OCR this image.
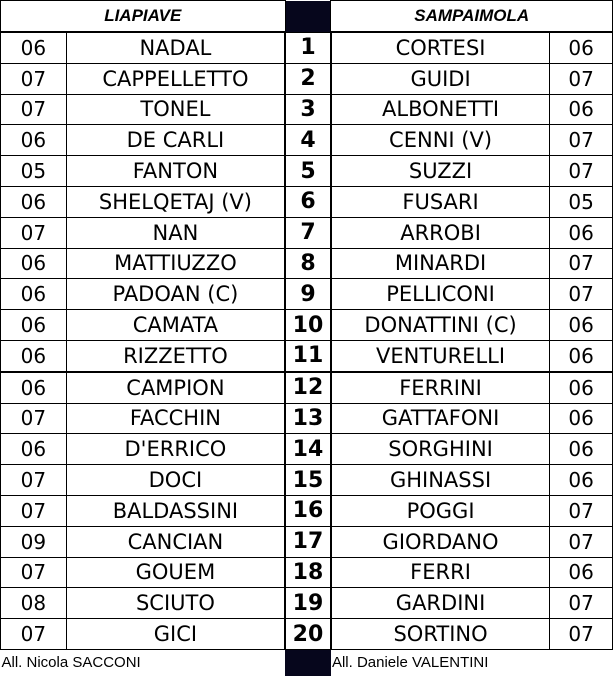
LIAPIAVE			SAMPAIMOLA	
06	NADAL	1	CORTESI	06
07	CAPPELLETTO	2	GUIDI	07
07	TONEL	3	ALBONETTI	06
06	DE CARLI	4	CENNI (V)	07
05	FANTON	5	SUZZI	07
06	SHELQETAJ (V)	6	FUSARI	05
07	NAN	7	ARROBI	06
06	MATTIUZZO	8	MINARDI	07
06	PADOAN (C)	9	PELLICONI	07
06	CAMATA	10	DONATTINI (C)	06
06	RIZZETTO	11	VENTURELLI	06
06	CAMPION	12	FERRINI	06
07	FACCHIN	13	GATTAFONI	06
06	D'ERRICO	14	SORGHINI	06
07	DOCI	15	GHINASSI	06
07	BALDASSINI	16	POGGI	07
09	CANCIAN	17	GIORDANO	07
07	GOUEM	18	FERRI	06
08	SCIUTO	19	GARDINI	07
07	GICI	20	SORTINO	07
All. Nicola SACCONI			All. Daniele VALENTINI	
